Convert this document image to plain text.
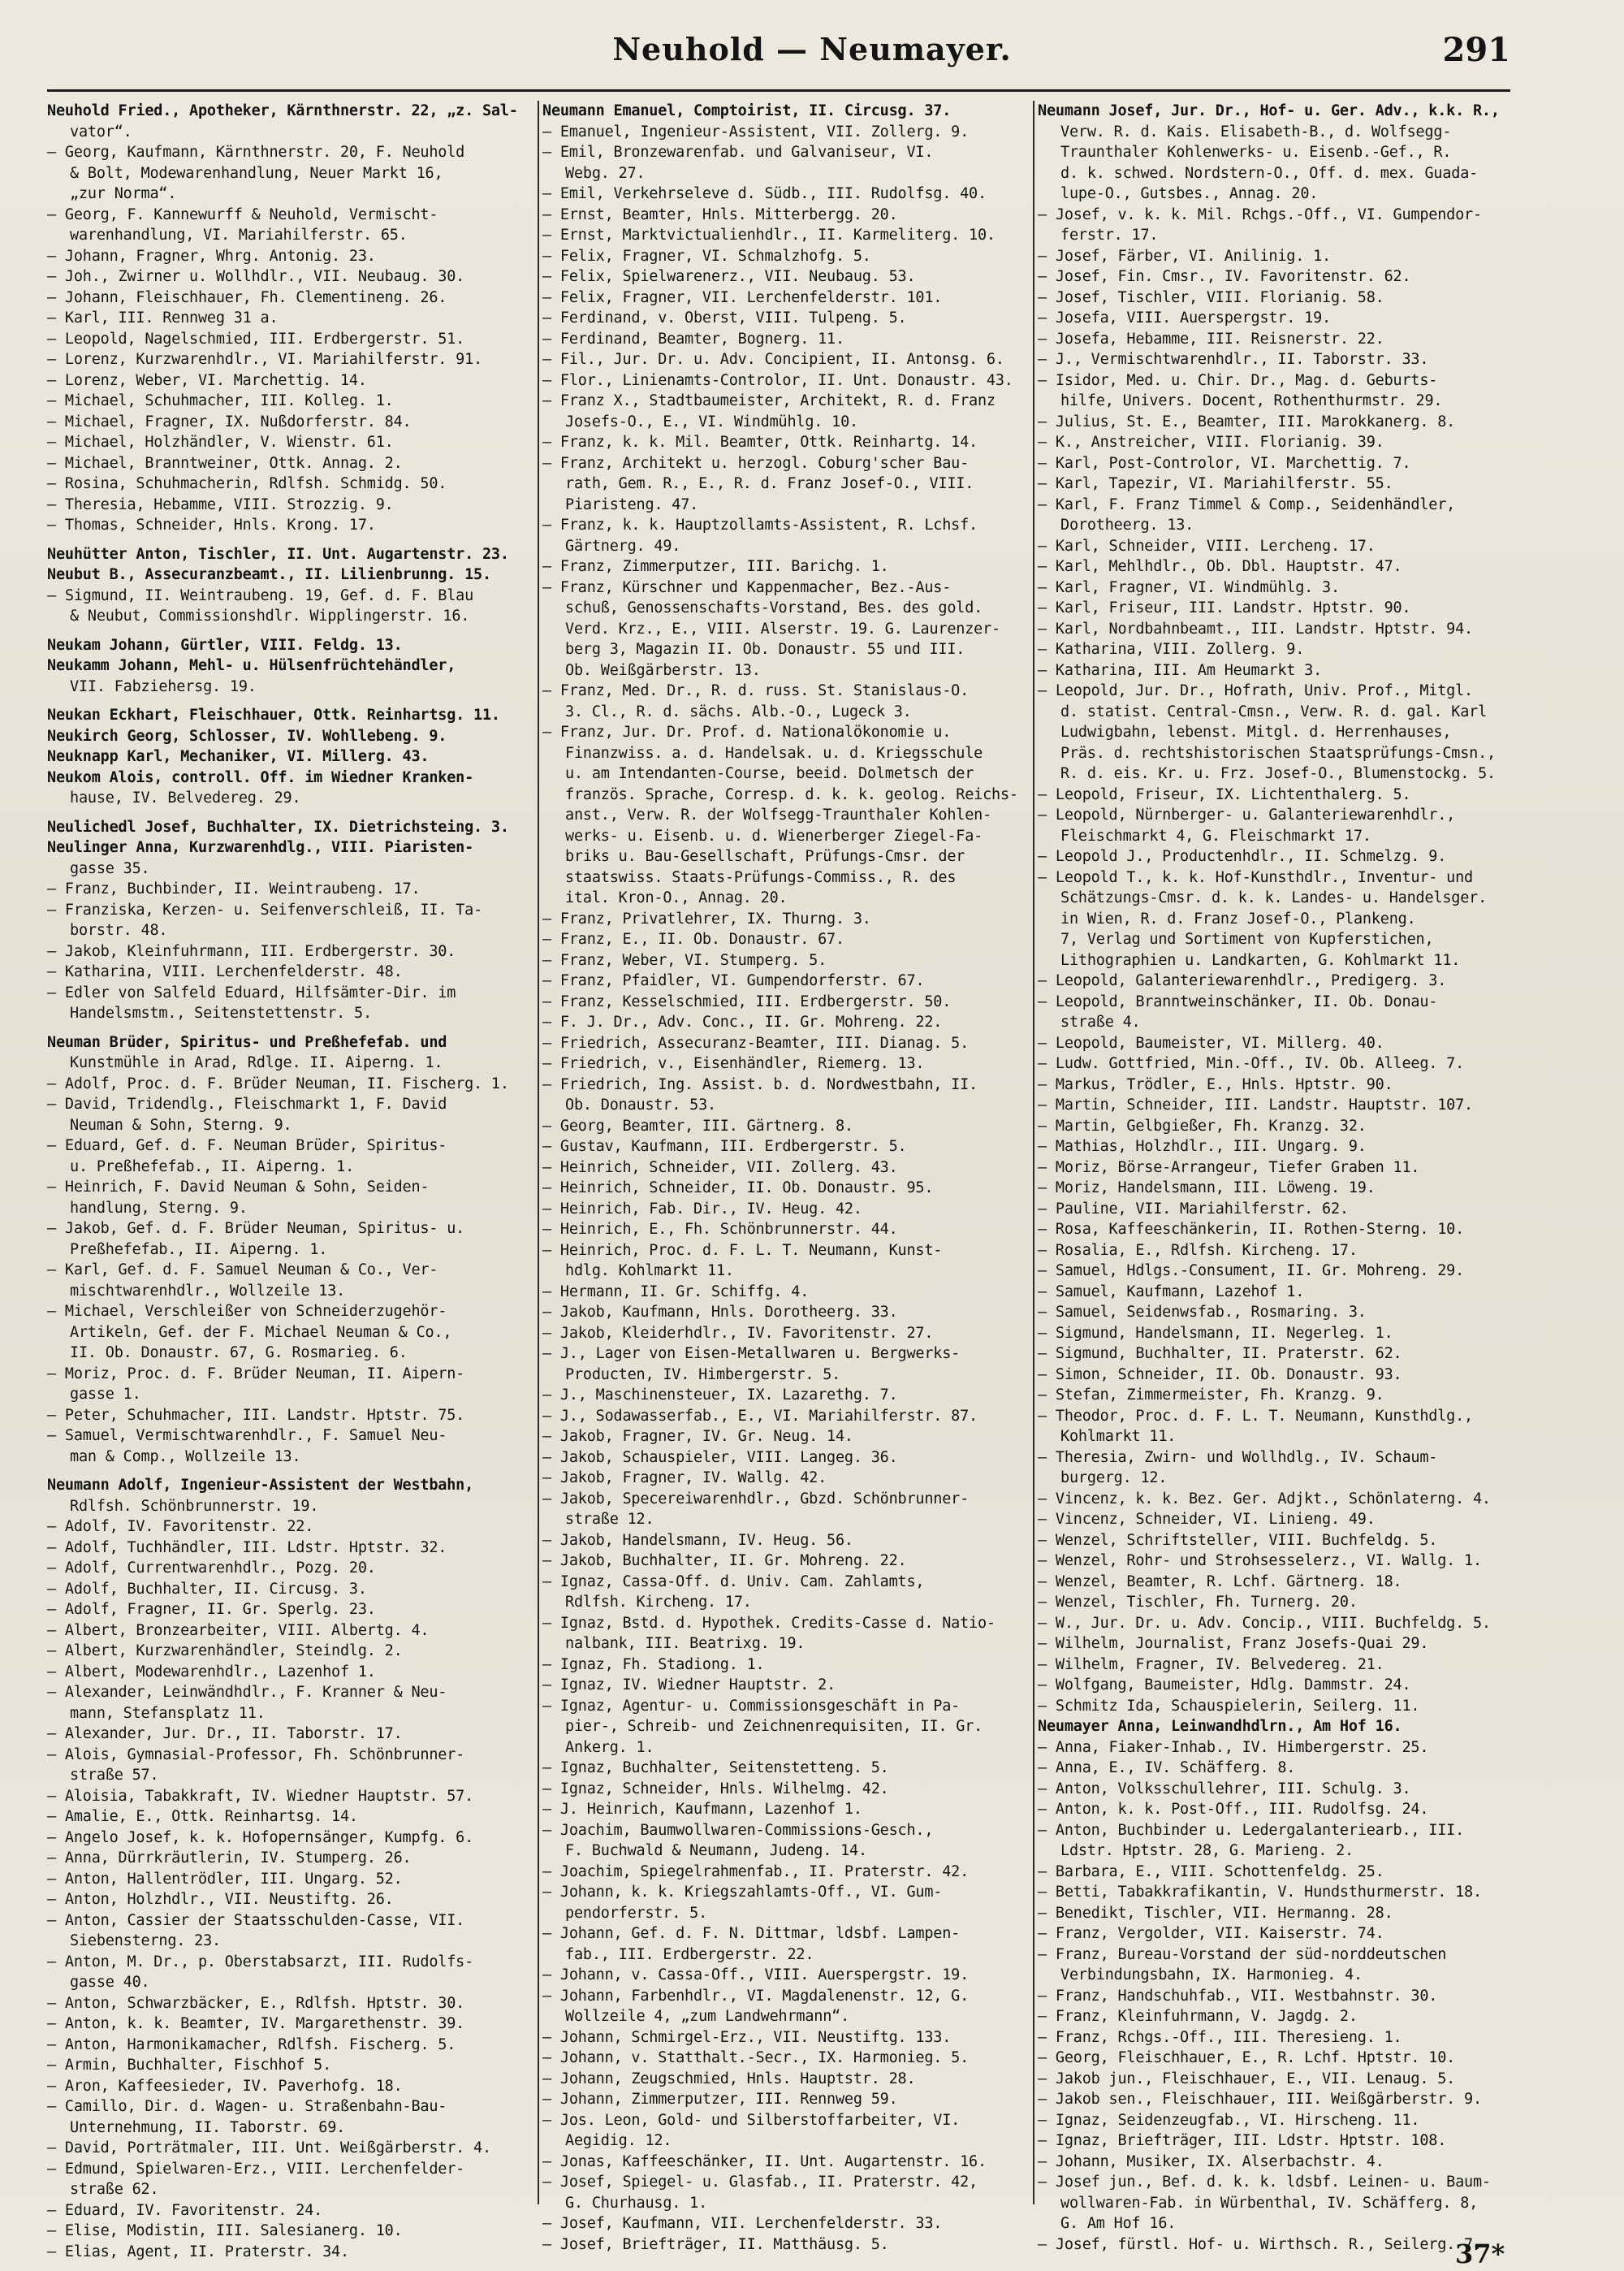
Neuhold — Neumayer.	291
Neuhold Fried., Apotheker, Kärnthnerstr. 22, „z. Sal-
vator“.
— Georg, Kaufmann, Kärnthnerstr. 20, F. Neuhold
& Bolt, Modewarenhandlung, Neuer Markt 16,
„zur Norma“.
— Georg, F. Kannewurff & Neuhold, Vermischt-
warenhandlung, VI. Mariahilferstr. 65.
— Johann, Fragner, Whrg. Antonig. 23.
— Joh., Zwirner u. Wollhdlr., VII. Neubaug. 30.
— Johann, Fleischhauer, Fh. Clementineng. 26.
— Karl, III. Rennweg 31 a.
— Leopold, Nagelschmied, III. Erdbergerstr. 51.
— Lorenz, Kurzwarenhdlr., VI. Mariahilferstr. 91.
— Lorenz, Weber, VI. Marchettig. 14.
— Michael, Schuhmacher, III. Kolleg. 1.
— Michael, Fragner, IX. Nußdorferstr. 84.
— Michael, Holzhändler, V. Wienstr. 61.
— Michael, Branntweiner, Ottk. Annag. 2.
— Rosina, Schuhmacherin, Rdlfsh. Schmidg. 50.
— Theresia, Hebamme, VIII. Strozzig. 9.
— Thomas, Schneider, Hnls. Krong. 17.
Neuhütter Anton, Tischler, II. Unt. Augartenstr. 23.
Neubut B., Assecuranzbeamt., II. Lilienbrunng. 15.
— Sigmund, II. Weintraubeng. 19, Gef. d. F. Blau
& Neubut, Commissionshdlr. Wipplingerstr. 16.
Neukam Johann, Gürtler, VIII. Feldg. 13.
Neukamm Johann, Mehl- u. Hülsenfrüchtehändler,
VII. Fabziehersg. 19.
Neukan Eckhart, Fleischhauer, Ottk. Reinhartsg. 11.
Neukirch Georg, Schlosser, IV. Wohllebeng. 9.
Neuknapp Karl, Mechaniker, VI. Millerg. 43.
Neukom Alois, controll. Off. im Wiedner Kranken-
hause, IV. Belvedereg. 29.
Neulichedl Josef, Buchhalter, IX. Dietrichsteing. 3.
Neulinger Anna, Kurzwarenhdlg., VIII. Piaristen-
gasse 35.
— Franz, Buchbinder, II. Weintraubeng. 17.
— Franziska, Kerzen- u. Seifenverschleiß, II. Ta-
borstr. 48.
— Jakob, Kleinfuhrmann, III. Erdbergerstr. 30.
— Katharina, VIII. Lerchenfelderstr. 48.
— Edler von Salfeld Eduard, Hilfsämter-Dir. im
Handelsmstm., Seitenstettenstr. 5.
Neuman Brüder, Spiritus- und Preßhefefab. und
Kunstmühle in Arad, Rdlge. II. Aiperng. 1.
— Adolf, Proc. d. F. Brüder Neuman, II. Fischerg. 1.
— David, Tridendlg., Fleischmarkt 1, F. David
Neuman & Sohn, Sterng. 9.
— Eduard, Gef. d. F. Neuman Brüder, Spiritus-
u. Preßhefefab., II. Aiperng. 1.
— Heinrich, F. David Neuman & Sohn, Seiden-
handlung, Sterng. 9.
— Jakob, Gef. d. F. Brüder Neuman, Spiritus- u.
Preßhefefab., II. Aiperng. 1.
— Karl, Gef. d. F. Samuel Neuman & Co., Ver-
mischtwarenhdlr., Wollzeile 13.
— Michael, Verschleißer von Schneiderzugehör-
Artikeln, Gef. der F. Michael Neuman & Co.,
II. Ob. Donaustr. 67, G. Rosmarieg. 6.
— Moriz, Proc. d. F. Brüder Neuman, II. Aipern-
gasse 1.
— Peter, Schuhmacher, III. Landstr. Hptstr. 75.
— Samuel, Vermischtwarenhdlr., F. Samuel Neu-
man & Comp., Wollzeile 13.
Neumann Adolf, Ingenieur-Assistent der Westbahn,
Rdlfsh. Schönbrunnerstr. 19.
— Adolf, IV. Favoritenstr. 22.
— Adolf, Tuchhändler, III. Ldstr. Hptstr. 32.
— Adolf, Currentwarenhdlr., Pozg. 20.
— Adolf, Buchhalter, II. Circusg. 3.
— Adolf, Fragner, II. Gr. Sperlg. 23.
— Albert, Bronzearbeiter, VIII. Albertg. 4.
— Albert, Kurzwarenhändler, Steindlg. 2.
— Albert, Modewarenhdlr., Lazenhof 1.
— Alexander, Leinwändhdlr., F. Kranner & Neu-
mann, Stefansplatz 11.
— Alexander, Jur. Dr., II. Taborstr. 17.
— Alois, Gymnasial-Professor, Fh. Schönbrunner-
straße 57.
— Aloisia, Tabakkraft, IV. Wiedner Hauptstr. 57.
— Amalie, E., Ottk. Reinhartsg. 14.
— Angelo Josef, k. k. Hofopernsänger, Kumpfg. 6.
— Anna, Dürrkräutlerin, IV. Stumperg. 26.
— Anton, Hallentrödler, III. Ungarg. 52.
— Anton, Holzhdlr., VII. Neustiftg. 26.
— Anton, Cassier der Staatsschulden-Casse, VII.
Siebensterng. 23.
— Anton, M. Dr., p. Oberstabsarzt, III. Rudolfs-
gasse 40.
— Anton, Schwarzbäcker, E., Rdlfsh. Hptstr. 30.
— Anton, k. k. Beamter, IV. Margarethenstr. 39.
— Anton, Harmonikamacher, Rdlfsh. Fischerg. 5.
— Armin, Buchhalter, Fischhof 5.
— Aron, Kaffeesieder, IV. Paverhofg. 18.
— Camillo, Dir. d. Wagen- u. Straßenbahn-Bau-
Unternehmung, II. Taborstr. 69.
— David, Porträtmaler, III. Unt. Weißgärberstr. 4.
— Edmund, Spielwaren-Erz., VIII. Lerchenfelder-
straße 62.
— Eduard, IV. Favoritenstr. 24.
— Elise, Modistin, III. Salesianerg. 10.
— Elias, Agent, II. Praterstr. 34.
Neumann Emanuel, Comptoirist, II. Circusg. 37.
— Emanuel, Ingenieur-Assistent, VII. Zollerg. 9.
— Emil, Bronzewarenfab. und Galvaniseur, VI.
Webg. 27.
— Emil, Verkehrseleve d. Südb., III. Rudolfsg. 40.
— Ernst, Beamter, Hnls. Mitterbergg. 20.
— Ernst, Marktvictualienhdlr., II. Karmeliterg. 10.
— Felix, Fragner, VI. Schmalzhofg. 5.
— Felix, Spielwarenerz., VII. Neubaug. 53.
— Felix, Fragner, VII. Lerchenfelderstr. 101.
— Ferdinand, v. Oberst, VIII. Tulpeng. 5.
— Ferdinand, Beamter, Bognerg. 11.
— Fil., Jur. Dr. u. Adv. Concipient, II. Antonsg. 6.
— Flor., Linienamts-Controlor, II. Unt. Donaustr. 43.
— Franz X., Stadtbaumeister, Architekt, R. d. Franz
Josefs-O., E., VI. Windmühlg. 10.
— Franz, k. k. Mil. Beamter, Ottk. Reinhartg. 14.
— Franz, Architekt u. herzogl. Coburg'scher Bau-
rath, Gem. R., E., R. d. Franz Josef-O., VIII.
Piaristeng. 47.
— Franz, k. k. Hauptzollamts-Assistent, R. Lchsf.
Gärtnerg. 49.
— Franz, Zimmerputzer, III. Barichg. 1.
— Franz, Kürschner und Kappenmacher, Bez.-Aus-
schuß, Genossenschafts-Vorstand, Bes. des gold.
Verd. Krz., E., VIII. Alserstr. 19. G. Laurenzer-
berg 3, Magazin II. Ob. Donaustr. 55 und III.
Ob. Weißgärberstr. 13.
— Franz, Med. Dr., R. d. russ. St. Stanislaus-O.
3. Cl., R. d. sächs. Alb.-O., Lugeck 3.
— Franz, Jur. Dr. Prof. d. Nationalökonomie u.
Finanzwiss. a. d. Handelsak. u. d. Kriegsschule
u. am Intendanten-Course, beeid. Dolmetsch der
französ. Sprache, Corresp. d. k. k. geolog. Reichs-
anst., Verw. R. der Wolfsegg-Traunthaler Kohlen-
werks- u. Eisenb. u. d. Wienerberger Ziegel-Fa-
briks u. Bau-Gesellschaft, Prüfungs-Cmsr. der
staatswiss. Staats-Prüfungs-Commiss., R. des
ital. Kron-O., Annag. 20.
— Franz, Privatlehrer, IX. Thurng. 3.
— Franz, E., II. Ob. Donaustr. 67.
— Franz, Weber, VI. Stumperg. 5.
— Franz, Pfaidler, VI. Gumpendorferstr. 67.
— Franz, Kesselschmied, III. Erdbergerstr. 50.
— F. J. Dr., Adv. Conc., II. Gr. Mohreng. 22.
— Friedrich, Assecuranz-Beamter, III. Dianag. 5.
— Friedrich, v., Eisenhändler, Riemerg. 13.
— Friedrich, Ing. Assist. b. d. Nordwestbahn, II.
Ob. Donaustr. 53.
— Georg, Beamter, III. Gärtnerg. 8.
— Gustav, Kaufmann, III. Erdbergerstr. 5.
— Heinrich, Schneider, VII. Zollerg. 43.
— Heinrich, Schneider, II. Ob. Donaustr. 95.
— Heinrich, Fab. Dir., IV. Heug. 42.
— Heinrich, E., Fh. Schönbrunnerstr. 44.
— Heinrich, Proc. d. F. L. T. Neumann, Kunst-
hdlg. Kohlmarkt 11.
— Hermann, II. Gr. Schiffg. 4.
— Jakob, Kaufmann, Hnls. Dorotheerg. 33.
— Jakob, Kleiderhdlr., IV. Favoritenstr. 27.
— J., Lager von Eisen-Metallwaren u. Bergwerks-
Producten, IV. Himbergerstr. 5.
— J., Maschinensteuer, IX. Lazarethg. 7.
— J., Sodawasserfab., E., VI. Mariahilferstr. 87.
— Jakob, Fragner, IV. Gr. Neug. 14.
— Jakob, Schauspieler, VIII. Langeg. 36.
— Jakob, Fragner, IV. Wallg. 42.
— Jakob, Specereiwarenhdlr., Gbzd. Schönbrunner-
straße 12.
— Jakob, Handelsmann, IV. Heug. 56.
— Jakob, Buchhalter, II. Gr. Mohreng. 22.
— Ignaz, Cassa-Off. d. Univ. Cam. Zahlamts,
Rdlfsh. Kircheng. 17.
— Ignaz, Bstd. d. Hypothek. Credits-Casse d. Natio-
nalbank, III. Beatrixg. 19.
— Ignaz, Fh. Stadiong. 1.
— Ignaz, IV. Wiedner Hauptstr. 2.
— Ignaz, Agentur- u. Commissionsgeschäft in Pa-
pier-, Schreib- und Zeichnenrequisiten, II. Gr.
Ankerg. 1.
— Ignaz, Buchhalter, Seitenstetteng. 5.
— Ignaz, Schneider, Hnls. Wilhelmg. 42.
— J. Heinrich, Kaufmann, Lazenhof 1.
— Joachim, Baumwollwaren-Commissions-Gesch.,
F. Buchwald & Neumann, Judeng. 14.
— Joachim, Spiegelrahmenfab., II. Praterstr. 42.
— Johann, k. k. Kriegszahlamts-Off., VI. Gum-
pendorferstr. 5.
— Johann, Gef. d. F. N. Dittmar, ldsbf. Lampen-
fab., III. Erdbergerstr. 22.
— Johann, v. Cassa-Off., VIII. Auerspergstr. 19.
— Johann, Farbenhdlr., VI. Magdalenenstr. 12, G.
Wollzeile 4, „zum Landwehrmann“.
— Johann, Schmirgel-Erz., VII. Neustiftg. 133.
— Johann, v. Statthalt.-Secr., IX. Harmonieg. 5.
— Johann, Zeugschmied, Hnls. Hauptstr. 28.
— Johann, Zimmerputzer, III. Rennweg 59.
— Jos. Leon, Gold- und Silberstoffarbeiter, VI.
Aegidig. 12.
— Jonas, Kaffeeschänker, II. Unt. Augartenstr. 16.
— Josef, Spiegel- u. Glasfab., II. Praterstr. 42,
G. Churhausg. 1.
— Josef, Kaufmann, VII. Lerchenfelderstr. 33.
— Josef, Briefträger, II. Matthäusg. 5.
Neumann Josef, Jur. Dr., Hof- u. Ger. Adv., k.k. R.,
Verw. R. d. Kais. Elisabeth-B., d. Wolfsegg-
Traunthaler Kohlenwerks- u. Eisenb.-Gef., R.
d. k. schwed. Nordstern-O., Off. d. mex. Guada-
lupe-O., Gutsbes., Annag. 20.
— Josef, v. k. k. Mil. Rchgs.-Off., VI. Gumpendor-
ferstr. 17.
— Josef, Färber, VI. Anilinig. 1.
— Josef, Fin. Cmsr., IV. Favoritenstr. 62.
— Josef, Tischler, VIII. Florianig. 58.
— Josefa, VIII. Auerspergstr. 19.
— Josefa, Hebamme, III. Reisnerstr. 22.
— J., Vermischtwarenhdlr., II. Taborstr. 33.
— Isidor, Med. u. Chir. Dr., Mag. d. Geburts-
hilfe, Univers. Docent, Rothenthurmstr. 29.
— Julius, St. E., Beamter, III. Marokkanerg. 8.
— K., Anstreicher, VIII. Florianig. 39.
— Karl, Post-Controlor, VI. Marchettig. 7.
— Karl, Tapezir, VI. Mariahilferstr. 55.
— Karl, F. Franz Timmel & Comp., Seidenhändler,
Dorotheerg. 13.
— Karl, Schneider, VIII. Lercheng. 17.
— Karl, Mehlhdlr., Ob. Dbl. Hauptstr. 47.
— Karl, Fragner, VI. Windmühlg. 3.
— Karl, Friseur, III. Landstr. Hptstr. 90.
— Karl, Nordbahnbeamt., III. Landstr. Hptstr. 94.
— Katharina, VIII. Zollerg. 9.
— Katharina, III. Am Heumarkt 3.
— Leopold, Jur. Dr., Hofrath, Univ. Prof., Mitgl.
d. statist. Central-Cmsn., Verw. R. d. gal. Karl
Ludwigbahn, lebenst. Mitgl. d. Herrenhauses,
Präs. d. rechtshistorischen Staatsprüfungs-Cmsn.,
R. d. eis. Kr. u. Frz. Josef-O., Blumenstockg. 5.
— Leopold, Friseur, IX. Lichtenthalerg. 5.
— Leopold, Nürnberger- u. Galanteriewarenhdlr.,
Fleischmarkt 4, G. Fleischmarkt 17.
— Leopold J., Productenhdlr., II. Schmelzg. 9.
— Leopold T., k. k. Hof-Kunsthdlr., Inventur- und
Schätzungs-Cmsr. d. k. k. Landes- u. Handelsger.
in Wien, R. d. Franz Josef-O., Plankeng.
7, Verlag und Sortiment von Kupferstichen,
Lithographien u. Landkarten, G. Kohlmarkt 11.
— Leopold, Galanteriewarenhdlr., Predigerg. 3.
— Leopold, Branntweinschänker, II. Ob. Donau-
straße 4.
— Leopold, Baumeister, VI. Millerg. 40.
— Ludw. Gottfried, Min.-Off., IV. Ob. Alleeg. 7.
— Markus, Trödler, E., Hnls. Hptstr. 90.
— Martin, Schneider, III. Landstr. Hauptstr. 107.
— Martin, Gelbgießer, Fh. Kranzg. 32.
— Mathias, Holzhdlr., III. Ungarg. 9.
— Moriz, Börse-Arrangeur, Tiefer Graben 11.
— Moriz, Handelsmann, III. Löweng. 19.
— Pauline, VII. Mariahilferstr. 62.
— Rosa, Kaffeeschänkerin, II. Rothen-Sterng. 10.
— Rosalia, E., Rdlfsh. Kircheng. 17.
— Samuel, Hdlgs.-Consument, II. Gr. Mohreng. 29.
— Samuel, Kaufmann, Lazehof 1.
— Samuel, Seidenwsfab., Rosmaring. 3.
— Sigmund, Handelsmann, II. Negerleg. 1.
— Sigmund, Buchhalter, II. Praterstr. 62.
— Simon, Schneider, II. Ob. Donaustr. 93.
— Stefan, Zimmermeister, Fh. Kranzg. 9.
— Theodor, Proc. d. F. L. T. Neumann, Kunsthdlg.,
Kohlmarkt 11.
— Theresia, Zwirn- und Wollhdlg., IV. Schaum-
burgerg. 12.
— Vincenz, k. k. Bez. Ger. Adjkt., Schönlaterng. 4.
— Vincenz, Schneider, VI. Linieng. 49.
— Wenzel, Schriftsteller, VIII. Buchfeldg. 5.
— Wenzel, Rohr- und Strohsesselerz., VI. Wallg. 1.
— Wenzel, Beamter, R. Lchf. Gärtnerg. 18.
— Wenzel, Tischler, Fh. Turnerg. 20.
— W., Jur. Dr. u. Adv. Concip., VIII. Buchfeldg. 5.
— Wilhelm, Journalist, Franz Josefs-Quai 29.
— Wilhelm, Fragner, IV. Belvedereg. 21.
— Wolfgang, Baumeister, Hdlg. Dammstr. 24.
— Schmitz Ida, Schauspielerin, Seilerg. 11.
Neumayer Anna, Leinwandhdlrn., Am Hof 16.
— Anna, Fiaker-Inhab., IV. Himbergerstr. 25.
— Anna, E., IV. Schäfferg. 8.
— Anton, Volksschullehrer, III. Schulg. 3.
— Anton, k. k. Post-Off., III. Rudolfsg. 24.
— Anton, Buchbinder u. Ledergalanteriearb., III.
Ldstr. Hptstr. 28, G. Marieng. 2.
— Barbara, E., VIII. Schottenfeldg. 25.
— Betti, Tabakkrafikantin, V. Hundsthurmerstr. 18.
— Benedikt, Tischler, VII. Hermanng. 28.
— Franz, Vergolder, VII. Kaiserstr. 74.
— Franz, Bureau-Vorstand der süd-norddeutschen
Verbindungsbahn, IX. Harmonieg. 4.
— Franz, Handschuhfab., VII. Westbahnstr. 30.
— Franz, Kleinfuhrmann, V. Jagdg. 2.
— Franz, Rchgs.-Off., III. Theresieng. 1.
— Georg, Fleischhauer, E., R. Lchf. Hptstr. 10.
— Jakob jun., Fleischhauer, E., VII. Lenaug. 5.
— Jakob sen., Fleischhauer, III. Weißgärberstr. 9.
— Ignaz, Seidenzeugfab., VI. Hirscheng. 11.
— Ignaz, Briefträger, III. Ldstr. Hptstr. 108.
— Johann, Musiker, IX. Alserbachstr. 4.
— Josef jun., Bef. d. k. k. ldsbf. Leinen- u. Baum-
wollwaren-Fab. in Würbenthal, IV. Schäfferg. 8,
G. Am Hof 16.
— Josef, fürstl. Hof- u. Wirthsch. R., Seilerg. 7.
37*
